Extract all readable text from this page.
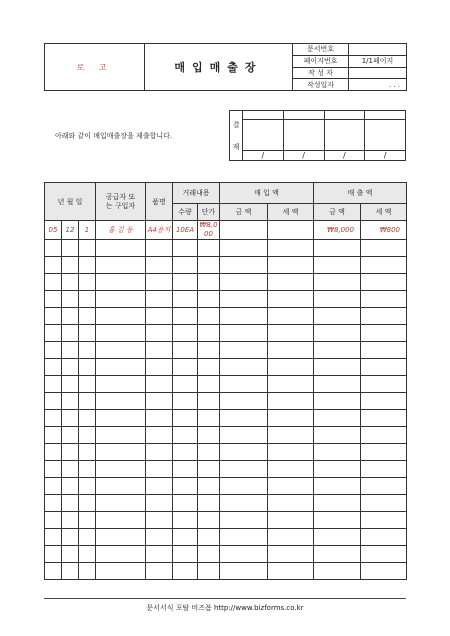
로 고	매입매출장	문서번호	
		페이지번호	1/1페이지
		작 성 자	
		작성일자	. . .
아래와 같이 매입매출장을 제출합니다.
결
재				

	/	/	/	/
년 월 일			공급자 또는 구입자	품명	거래내용		매 입 액		매 출 액	
					수량	단가	금 액	세 액	금 액	세 액
05	12	1	홍 길 동	A4용지	10EA	₩8,000			₩8,000	₩800

문서서식 포탈 비즈폼 http://www.bizforms.co.kr
